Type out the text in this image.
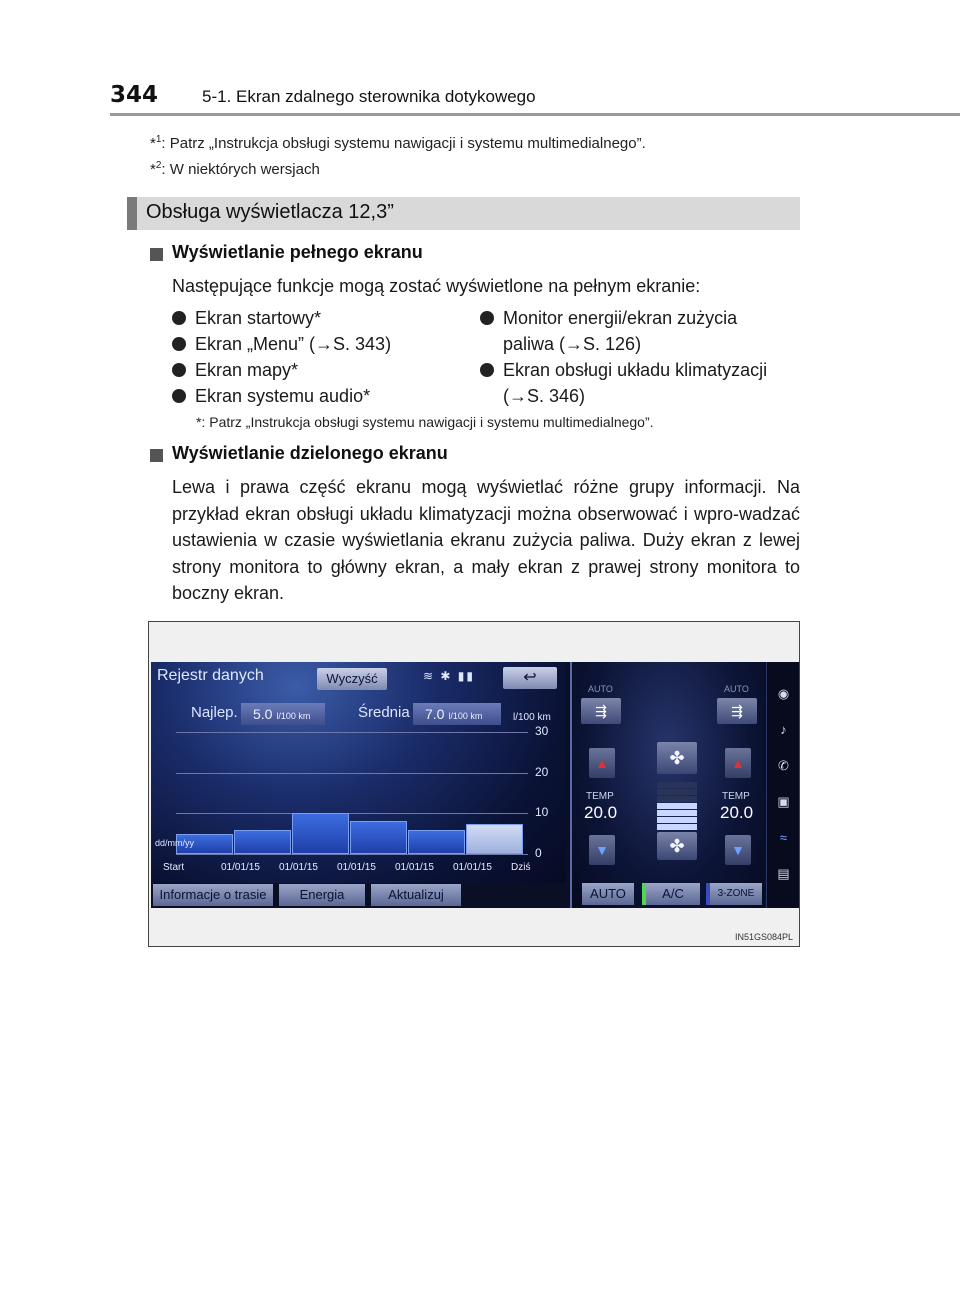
344	5-1. Ekran zdalnego sterownika dotykowego
*$^1$: Patrz „Instrukcja obsługi systemu nawigacji i systemu multimedialnego”.
*$^2$: W niektórych wersjach
Obsługa wyświetlacza 12,3”
Wyświetlanie pełnego ekranu
Następujące funkcje mogą zostać wyświetlone na pełnym ekranie:
Ekran startowy*
Ekran „Menu” (→S. 343)
Ekran mapy*
Ekran systemu audio*
Monitor energii/ekran zużycia
paliwa (→S. 126)
Ekran obsługi układu klimatyzacji
(→S. 346)
*: Patrz „Instrukcja obsługi systemu nawigacji i systemu multimedialnego”.
Wyświetlanie dzielonego ekranu
Lewa i prawa część ekranu mogą wyświetlać różne grupy informacji. Na przykład ekran obsługi układu klimatyzacji można obserwować i wpro-wadzać ustawienia w czasie wyświetlania ekranu zużycia paliwa. Duży ekran z lewej strony monitora to główny ekran, a mały ekran z prawej strony monitora to boczny ekran.
Rejestr danych	Wyczyść	≋ ✱ ▮▮	↩
Najlep.	5.0 l/100 km	Średnia	7.0 l/100 km	l/100 km
30
20
10
0
Start	01/01/15 01/01/15 01/01/15 01/01/15 01/01/15 Dziś
dd/mm/yy
Informacje o trasie	Energia	Aktualizuj
AUTO	AUTO
⇶	⇶
▲	▲
✤
✤
TEMP
20.0
TEMP
20.0
▼	▼
AUTO	A/C	3-ZONE
◉
♪
✆
▣
≈
▤
IN51GS084PL
